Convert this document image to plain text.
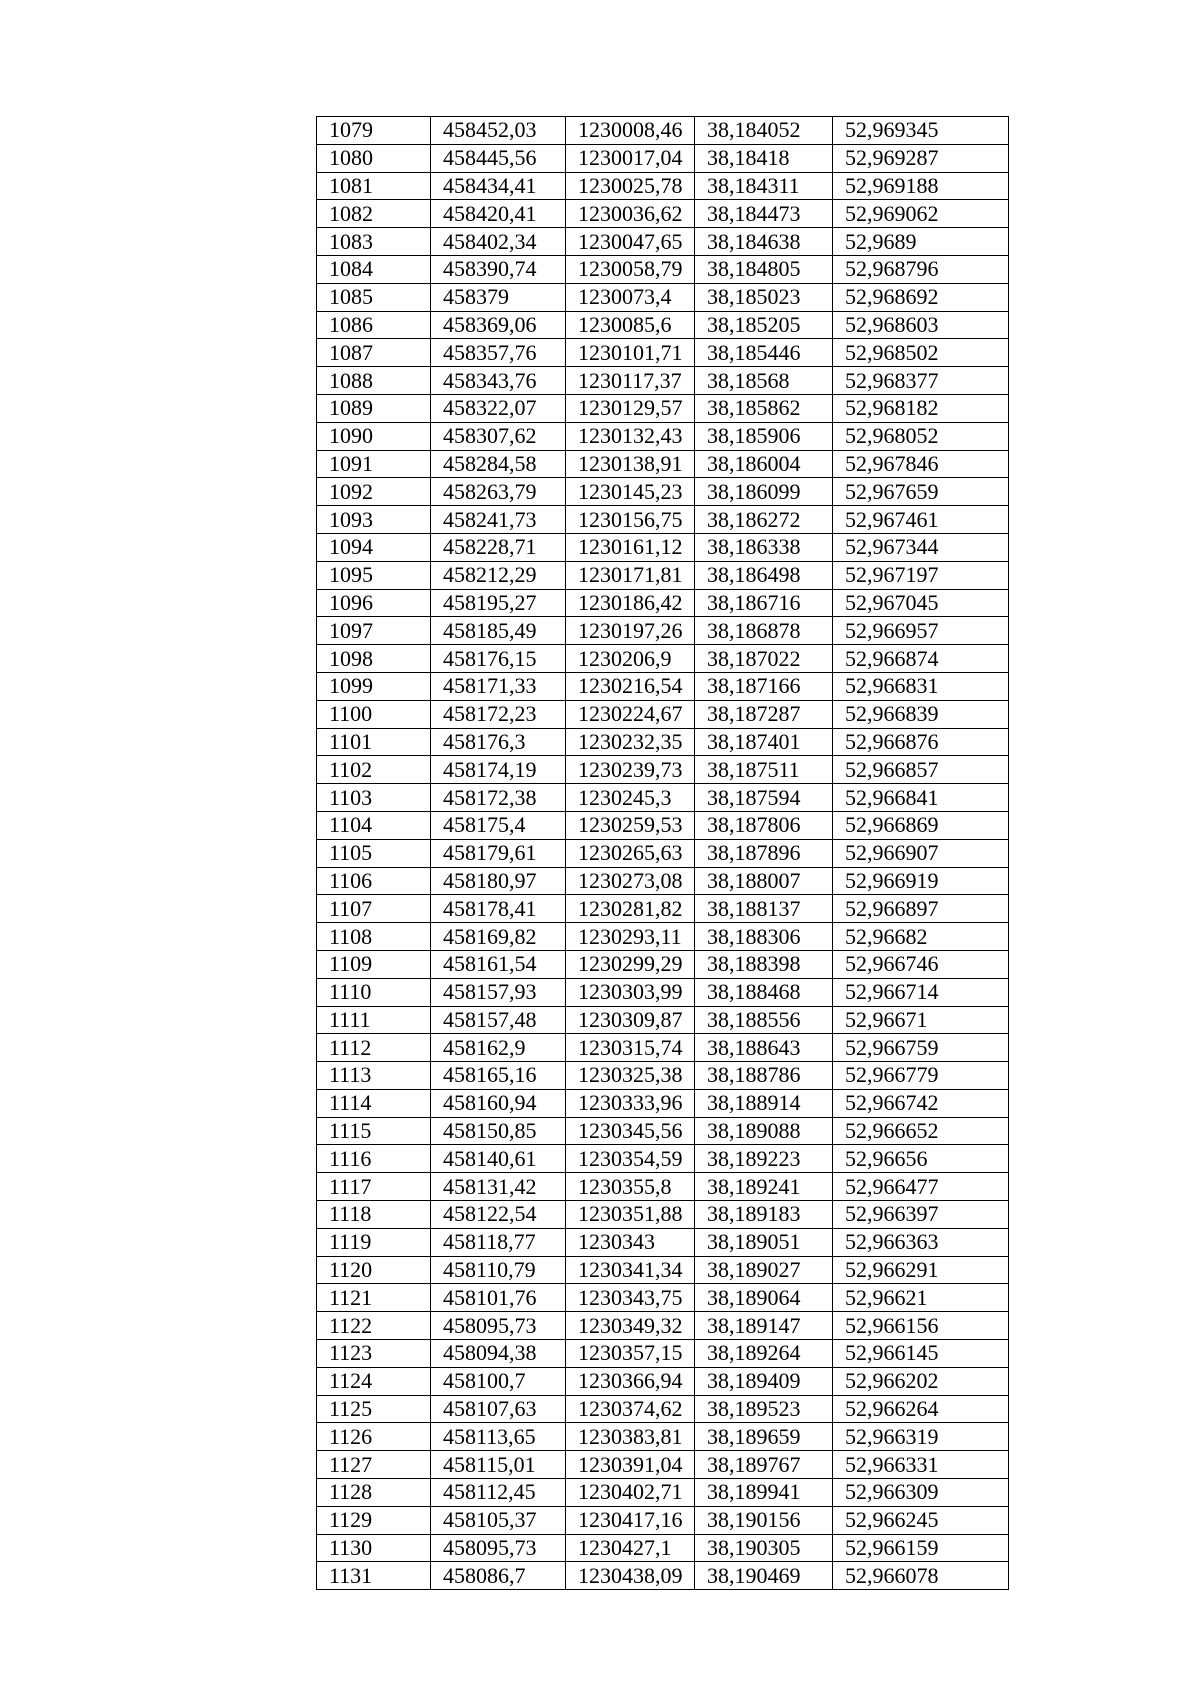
1079	458452,03	1230008,46	38,184052	52,969345
1080	458445,56	1230017,04	38,18418	52,969287
1081	458434,41	1230025,78	38,184311	52,969188
1082	458420,41	1230036,62	38,184473	52,969062
1083	458402,34	1230047,65	38,184638	52,9689
1084	458390,74	1230058,79	38,184805	52,968796
1085	458379	1230073,4	38,185023	52,968692
1086	458369,06	1230085,6	38,185205	52,968603
1087	458357,76	1230101,71	38,185446	52,968502
1088	458343,76	1230117,37	38,18568	52,968377
1089	458322,07	1230129,57	38,185862	52,968182
1090	458307,62	1230132,43	38,185906	52,968052
1091	458284,58	1230138,91	38,186004	52,967846
1092	458263,79	1230145,23	38,186099	52,967659
1093	458241,73	1230156,75	38,186272	52,967461
1094	458228,71	1230161,12	38,186338	52,967344
1095	458212,29	1230171,81	38,186498	52,967197
1096	458195,27	1230186,42	38,186716	52,967045
1097	458185,49	1230197,26	38,186878	52,966957
1098	458176,15	1230206,9	38,187022	52,966874
1099	458171,33	1230216,54	38,187166	52,966831
1100	458172,23	1230224,67	38,187287	52,966839
1101	458176,3	1230232,35	38,187401	52,966876
1102	458174,19	1230239,73	38,187511	52,966857
1103	458172,38	1230245,3	38,187594	52,966841
1104	458175,4	1230259,53	38,187806	52,966869
1105	458179,61	1230265,63	38,187896	52,966907
1106	458180,97	1230273,08	38,188007	52,966919
1107	458178,41	1230281,82	38,188137	52,966897
1108	458169,82	1230293,11	38,188306	52,96682
1109	458161,54	1230299,29	38,188398	52,966746
1110	458157,93	1230303,99	38,188468	52,966714
1111	458157,48	1230309,87	38,188556	52,96671
1112	458162,9	1230315,74	38,188643	52,966759
1113	458165,16	1230325,38	38,188786	52,966779
1114	458160,94	1230333,96	38,188914	52,966742
1115	458150,85	1230345,56	38,189088	52,966652
1116	458140,61	1230354,59	38,189223	52,96656
1117	458131,42	1230355,8	38,189241	52,966477
1118	458122,54	1230351,88	38,189183	52,966397
1119	458118,77	1230343	38,189051	52,966363
1120	458110,79	1230341,34	38,189027	52,966291
1121	458101,76	1230343,75	38,189064	52,96621
1122	458095,73	1230349,32	38,189147	52,966156
1123	458094,38	1230357,15	38,189264	52,966145
1124	458100,7	1230366,94	38,189409	52,966202
1125	458107,63	1230374,62	38,189523	52,966264
1126	458113,65	1230383,81	38,189659	52,966319
1127	458115,01	1230391,04	38,189767	52,966331
1128	458112,45	1230402,71	38,189941	52,966309
1129	458105,37	1230417,16	38,190156	52,966245
1130	458095,73	1230427,1	38,190305	52,966159
1131	458086,7	1230438,09	38,190469	52,966078
